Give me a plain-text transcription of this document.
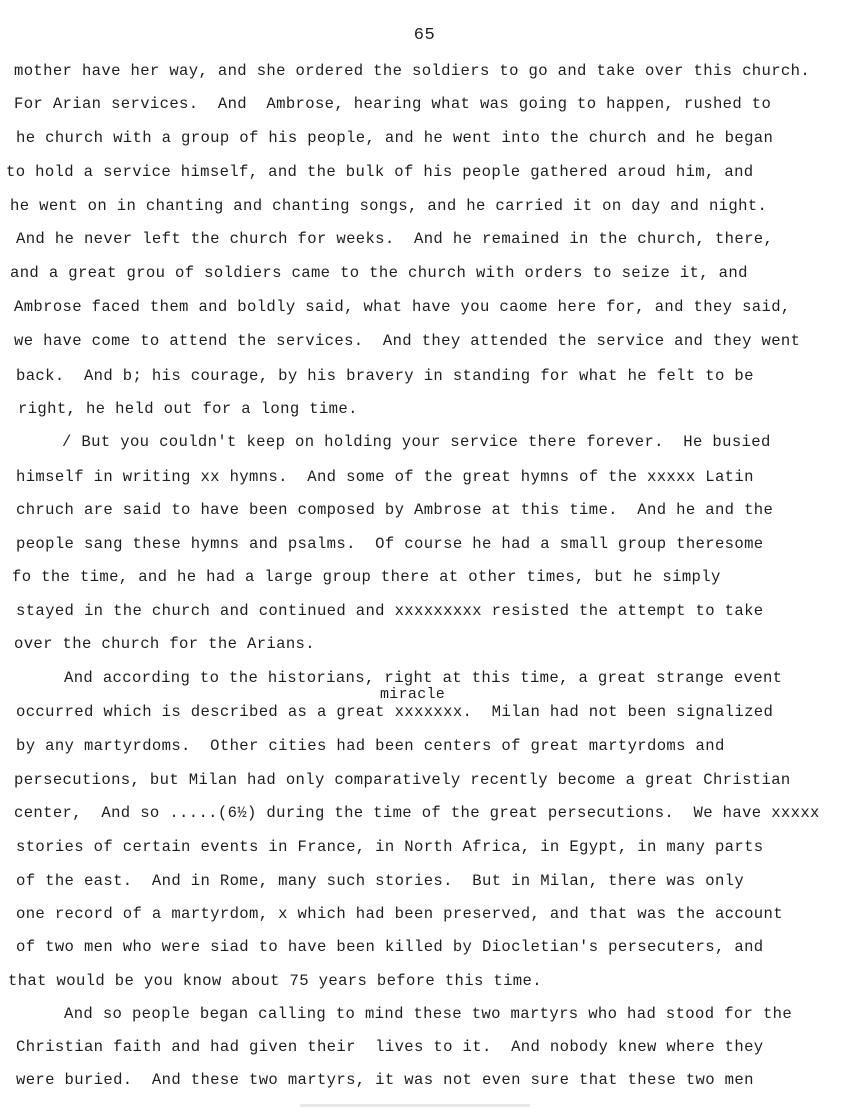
65
miracle
mother have her way, and she ordered the soldiers to go and take over this church.
For Arian services.  And  Ambrose, hearing what was going to happen, rushed to
he church with a group of his people, and he went into the church and he began
to hold a service himself, and the bulk of his people gathered aroud him, and
he went on in chanting and chanting songs, and he carried it on day and night.
And he never left the church for weeks.  And he remained in the church, there,
and a great grou of soldiers came to the church with orders to seize it, and
Ambrose faced them and boldly said, what have you caome here for, and they said,
we have come to attend the services.  And they attended the service and they went
back.  And b; his courage, by his bravery in standing for what he felt to be
right, he held out for a long time.
/ But you couldn't keep on holding your service there forever.  He busied
himself in writing xx hymns.  And some of the great hymns of the xxxxx Latin
chruch are said to have been composed by Ambrose at this time.  And he and the
people sang these hymns and psalms.  Of course he had a small group theresome
fo the time, and he had a large group there at other times, but he simply
stayed in the church and continued and xxxxxxxxx resisted the attempt to take
over the church for the Arians.
And according to the historians, right at this time, a great strange event
occurred which is described as a great xxxxxxx.  Milan had not been signalized
by any martyrdoms.  Other cities had been centers of great martyrdoms and
persecutions, but Milan had only comparatively recently become a great Christian
center,  And so .....(6½) during the time of the great persecutions.  We have xxxxx
stories of certain events in France, in North Africa, in Egypt, in many parts
of the east.  And in Rome, many such stories.  But in Milan, there was only
one record of a martyrdom, x which had been preserved, and that was the account
of two men who were siad to have been killed by Diocletian's persecuters, and
that would be you know about 75 years before this time.
And so people began calling to mind these two martyrs who had stood for the
Christian faith and had given their  lives to it.  And nobody knew where they
were buried.  And these two martyrs, it was not even sure that these two men
